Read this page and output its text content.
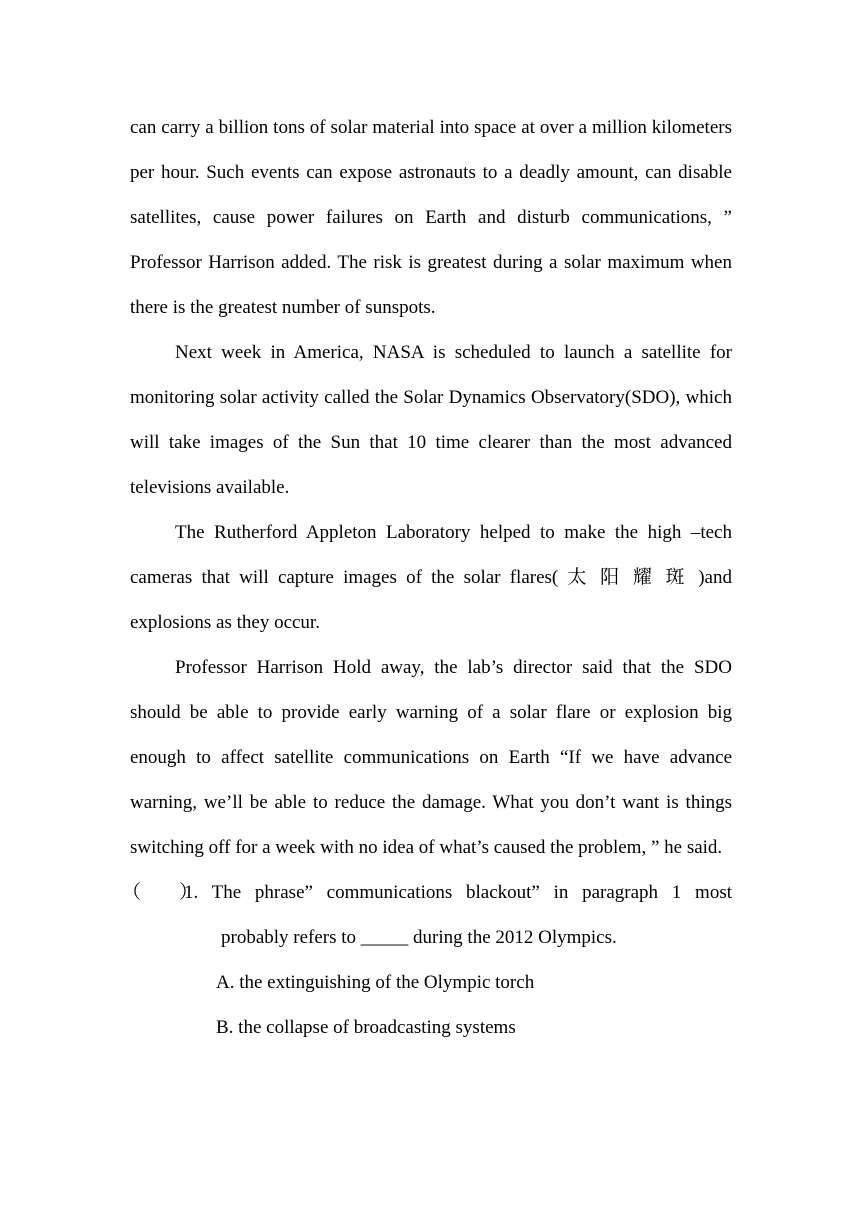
can carry a billion tons of solar material into space at over a million kilometers per hour. Such events can expose astronauts to a deadly amount, can disable satellites, cause power failures on Earth and disturb communications, ” Professor Harrison added. The risk is greatest during a solar maximum when there is the greatest number of sunspots.

Next week in America, NASA is scheduled to launch a satellite for monitoring solar activity called the Solar Dynamics Observatory(SDO), which will take images of the Sun that 10 time clearer than the most advanced televisions available.

The Rutherford Appleton Laboratory helped to make the high –tech cameras that will capture images of the solar flares( 太 阳 耀 斑 )and explosions as they occur.

Professor Harrison Hold away, the lab’s director said that the SDO should be able to provide early warning of a solar flare or explosion big enough to affect satellite communications on Earth “If we have advance warning, we’ll be able to reduce the damage. What you don’t want is things switching off for a week with no idea of what’s caused the problem, ” he said.

（　　）1. The phrase” communications blackout” in paragraph 1 most
probably refers to _____ during the 2012 Olympics.
A. the extinguishing of the Olympic torch
B. the collapse of broadcasting systems
